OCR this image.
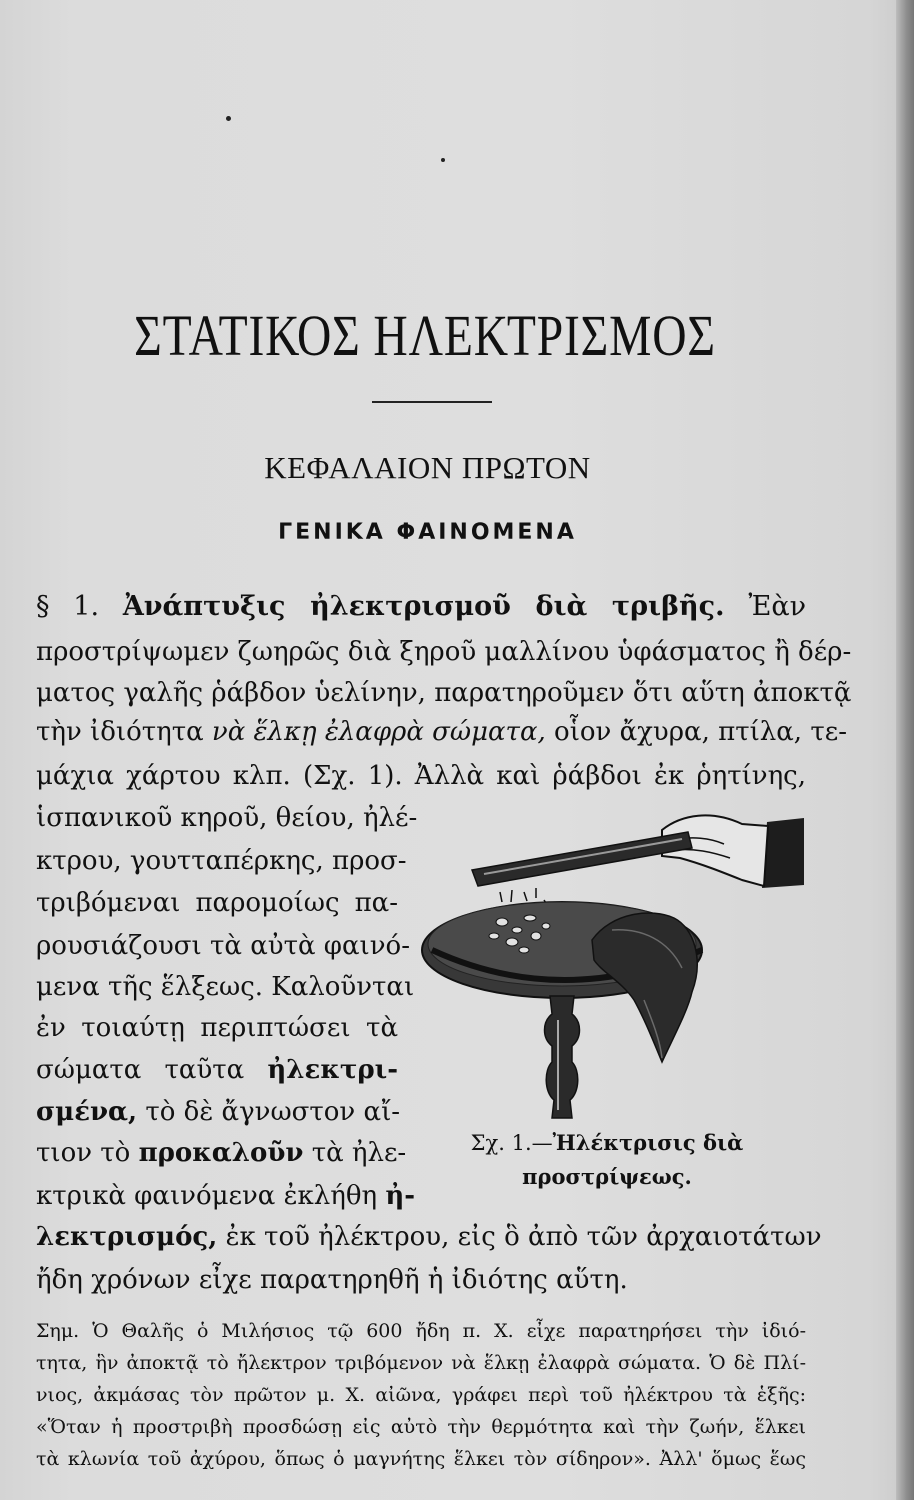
ΣΤΑΤΙΚΟΣ ΗΛΕΚΤΡΙΣΜΟΣ
ΚΕΦΑΛΑΙΟΝ ΠΡΩΤΟΝ
ΓΕΝΙΚΑ ΦΑΙΝΟΜΕΝΑ
§ 1. Ἀνάπτυξις ἠλεκτρισμοῦ διὰ τριβῆς. Ἐὰν
προστρίψωμεν ζωηρῶς διὰ ξηροῦ μαλλίνου ὑφάσματος ἢ δέρ-
ματος γαλῆς ῥάβδον ὑελίνην, παρατηροῦμεν ὅτι αὕτη ἀποκτᾷ
τὴν ἰδιότητα νὰ ἕλκῃ ἐλαφρὰ σώματα, οἷον ἄχυρα, πτίλα, τε-
μάχια χάρτου κλπ. (Σχ. 1). Ἀλλὰ καὶ ῥάβδοι ἐκ ῥητίνης,
ἱσπανικοῦ κηροῦ, θείου, ἠλέ-
κτρου, γουτταπέρκης, προσ-
τριβόμεναι παρομοίως πα-
ρουσιάζουσι τὰ αὐτὰ φαινό-
μενα τῆς ἕλξεως. Καλοῦνται
ἐν τοιαύτῃ περιπτώσει τὰ
σώματα ταῦτα ἠλεκτρι-
σμένα, τὸ δὲ ἄγνωστον αἴ-
τιον τὸ προκαλοῦν τὰ ἠλε-
κτρικὰ φαινόμενα ἐκλήθη ἠ-
λεκτρισμός, ἐκ τοῦ ἠλέκτρου, εἰς ὃ ἀπὸ τῶν ἀρχαιοτάτων
ἤδη χρόνων εἶχε παρατηρηθῆ ἡ ἰδιότης αὕτη.
Σχ. 1.—Ἠλέκτρισις διὰ
προστρίψεως.
Σημ. Ὁ Θαλῆς ὁ Μιλήσιος τῷ 600 ἤδη π. Χ. εἶχε παρατηρήσει τὴν ἰδιό-
τητα, ἣν ἀποκτᾷ τὸ ἤλεκτρον τριβόμενον νὰ ἕλκῃ ἐλαφρὰ σώματα. Ὁ δὲ Πλί-
νιος, ἀκμάσας τὸν πρῶτον μ. Χ. αἰῶνα, γράφει περὶ τοῦ ἠλέκτρου τὰ ἑξῆς:
«Ὅταν ἡ προστριβὴ προσδώσῃ εἰς αὐτὸ τὴν θερμότητα καὶ τὴν ζωήν, ἕλκει
τὰ κλωνία τοῦ ἀχύρου, ὅπως ὁ μαγνήτης ἕλκει τὸν σίδηρον». Ἀλλ' ὅμως ἕως
